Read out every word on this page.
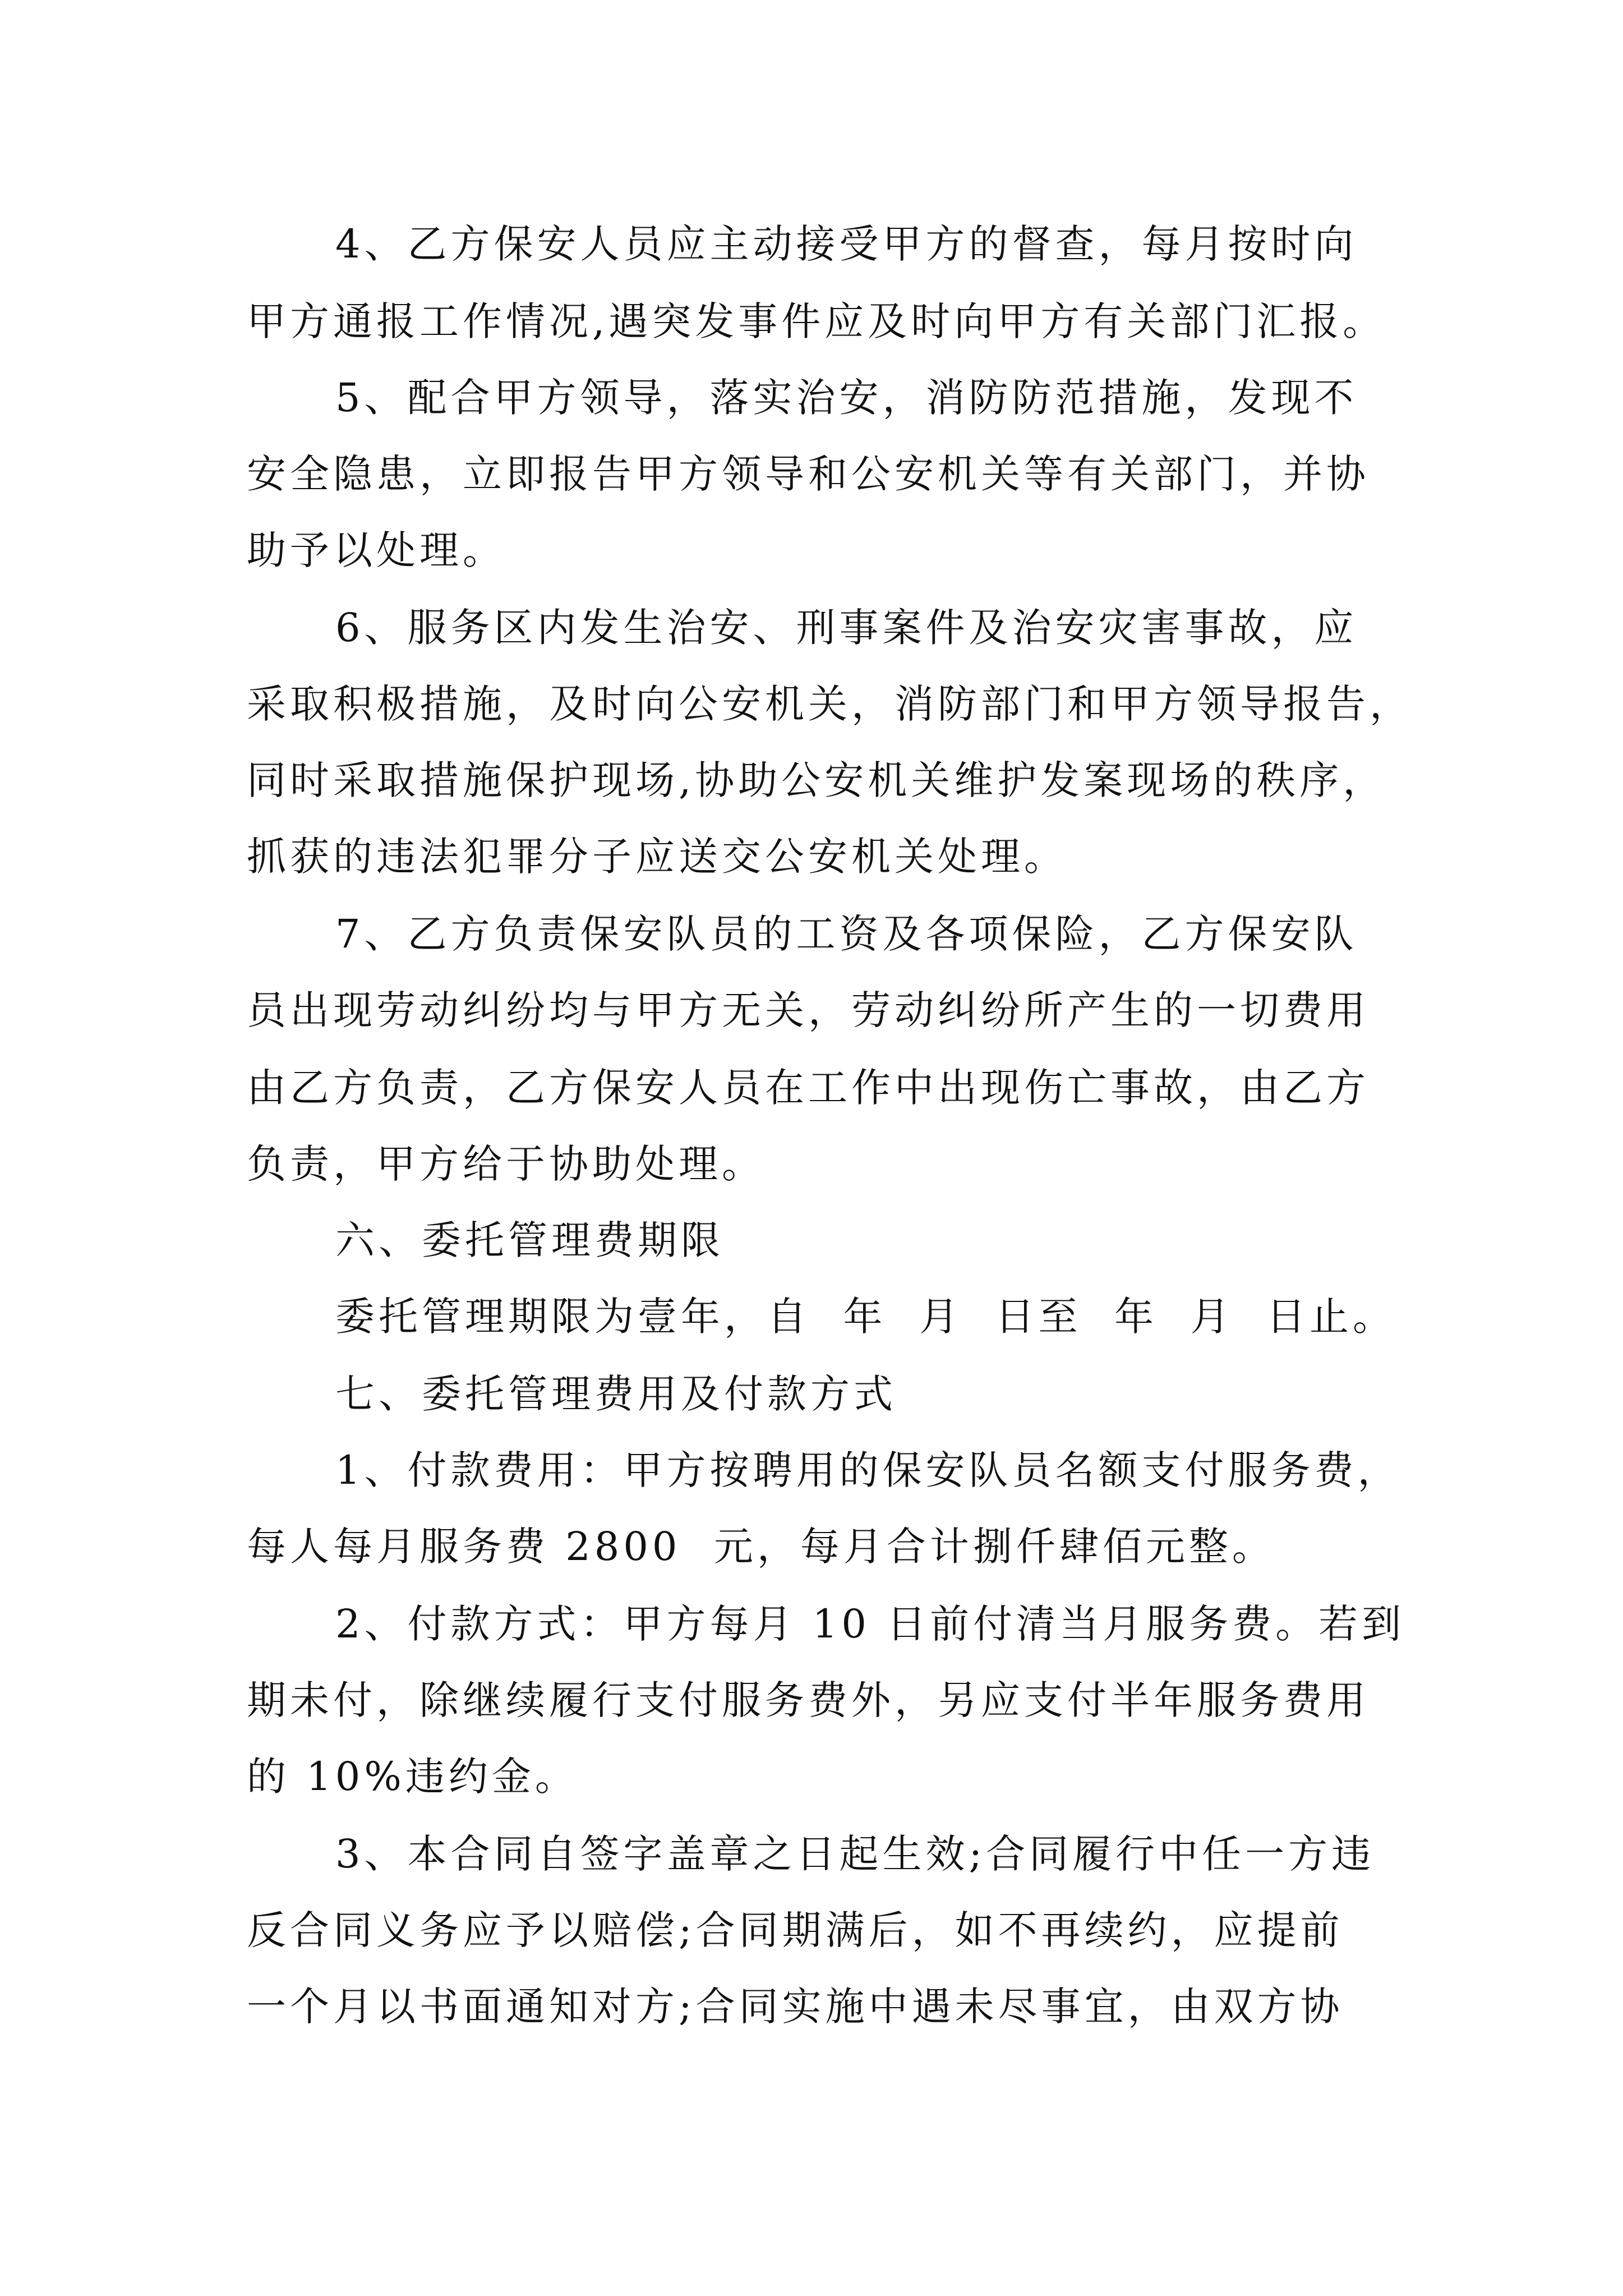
4、乙方保安人员应主动接受甲方的督查，每月按时向
甲方通报工作情况,遇突发事件应及时向甲方有关部门汇报。
5、配合甲方领导，落实治安，消防防范措施，发现不
安全隐患，立即报告甲方领导和公安机关等有关部门，并协
助予以处理。
6、服务区内发生治安、刑事案件及治安灾害事故，应
采取积极措施，及时向公安机关，消防部门和甲方领导报告，
同时采取措施保护现场,协助公安机关维护发案现场的秩序，
抓获的违法犯罪分子应送交公安机关处理。
7、乙方负责保安队员的工资及各项保险，乙方保安队
员出现劳动纠纷均与甲方无关，劳动纠纷所产生的一切费用
由乙方负责，乙方保安人员在工作中出现伤亡事故，由乙方
负责，甲方给于协助处理。
六、委托管理费期限
委托管理期限为壹年，自  年  月  日至  年  月  日止。
七、委托管理费用及付款方式
1、付款费用：甲方按聘用的保安队员名额支付服务费，
每人每月服务费 2800  元，每月合计捌仟肆佰元整。
2、付款方式：甲方每月 10 日前付清当月服务费。若到
期未付，除继续履行支付服务费外，另应支付半年服务费用
的 10%违约金。
3、本合同自签字盖章之日起生效;合同履行中任一方违
反合同义务应予以赔偿;合同期满后，如不再续约，应提前
一个月以书面通知对方;合同实施中遇未尽事宜，由双方协
